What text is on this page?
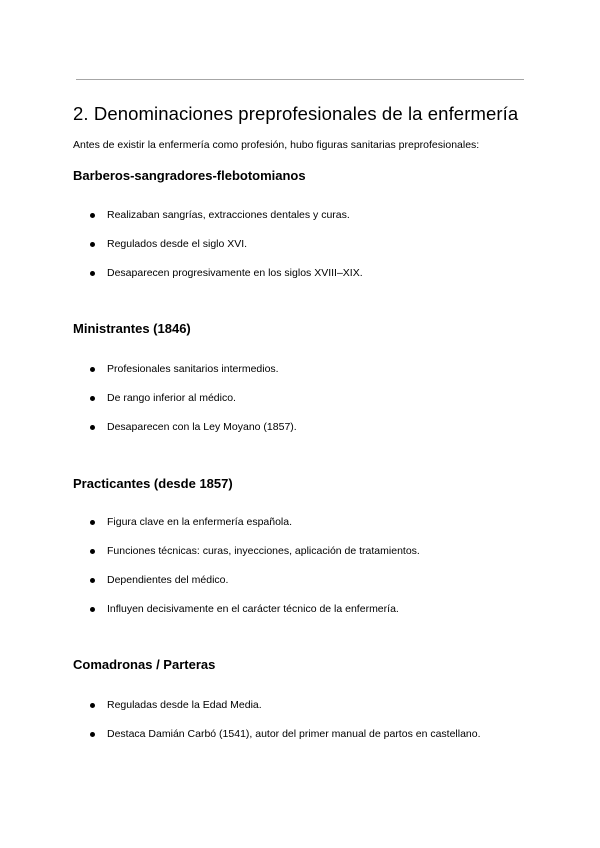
2. Denominaciones preprofesionales de la enfermería

Antes de existir la enfermería como profesión, hubo figuras sanitarias preprofesionales:

Barberos-sangradores-flebotomianos
Realizaban sangrías, extracciones dentales y curas.
Regulados desde el siglo XVI.
Desaparecen progresivamente en los siglos XVIII–XIX.
Ministrantes (1846)
Profesionales sanitarios intermedios.
De rango inferior al médico.
Desaparecen con la Ley Moyano (1857).
Practicantes (desde 1857)
Figura clave en la enfermería española.
Funciones técnicas: curas, inyecciones, aplicación de tratamientos.
Dependientes del médico.
Influyen decisivamente en el carácter técnico de la enfermería.
Comadronas / Parteras
Reguladas desde la Edad Media.
Destaca Damián Carbó (1541), autor del primer manual de partos en castellano.
